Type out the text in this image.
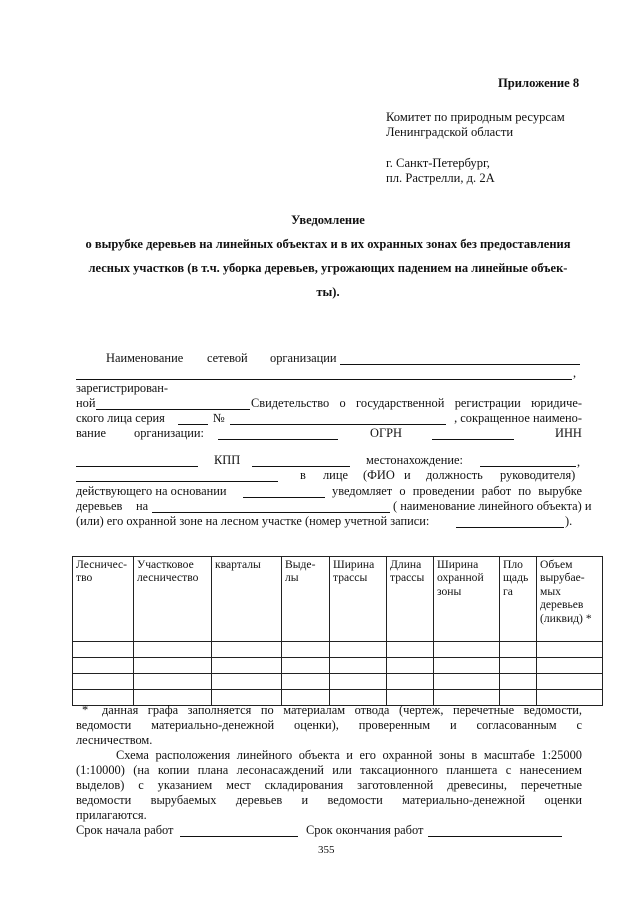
Приложение 8
Комитет по природным ресурсам
Ленинградской области
г. Санкт-Петербург,
пл. Растрелли, д. 2А
Уведомление
о вырубке деревьев на линейных объектах и в их охранных зонах без предоставления
лесных участков (в т.ч. уборка деревьев, угрожающих падением на линейные объек-
ты).
Наименование сетевой организации
,
зарегистрирован-
ной	Свидетельство о государственной регистрации юридиче-
ского лица серия	№	, сокращенное наимено-
вание организации:	ОГРН	ИНН
КПП	местонахождение:	,
в лице (ФИО и должность руководителя)
действующего на основании	уведомляет о проведении работ по вырубке
деревьев на	( наименование линейного объекта) и
(или) его охранной зоне на лесном участке (номер учетной записи:	).
Лесничес-тво	Участковое лесничество	кварталы	Выде-лы	Ширина трассы	Длина трассы	Ширина охранной зоны	Пло щадь га	Объем вырубае-мых деревьев (ликвид) *

* данная графа заполняется по материалам отвода (чертеж, перечетные ведомости,
ведомости материально-денежной оценки), проверенным и согласованным с
лесничеством.
Схема расположения линейного объекта и его охранной зоны в масштабе 1:25000
(1:10000) (на копии плана лесонасаждений или таксационного планшета с нанесением
выделов) с указанием мест складирования заготовленной древесины, перечетные
ведомости вырубаемых деревьев и ведомости материально-денежной оценки
прилагаются.
Срок начала работ	Срок окончания работ
355
